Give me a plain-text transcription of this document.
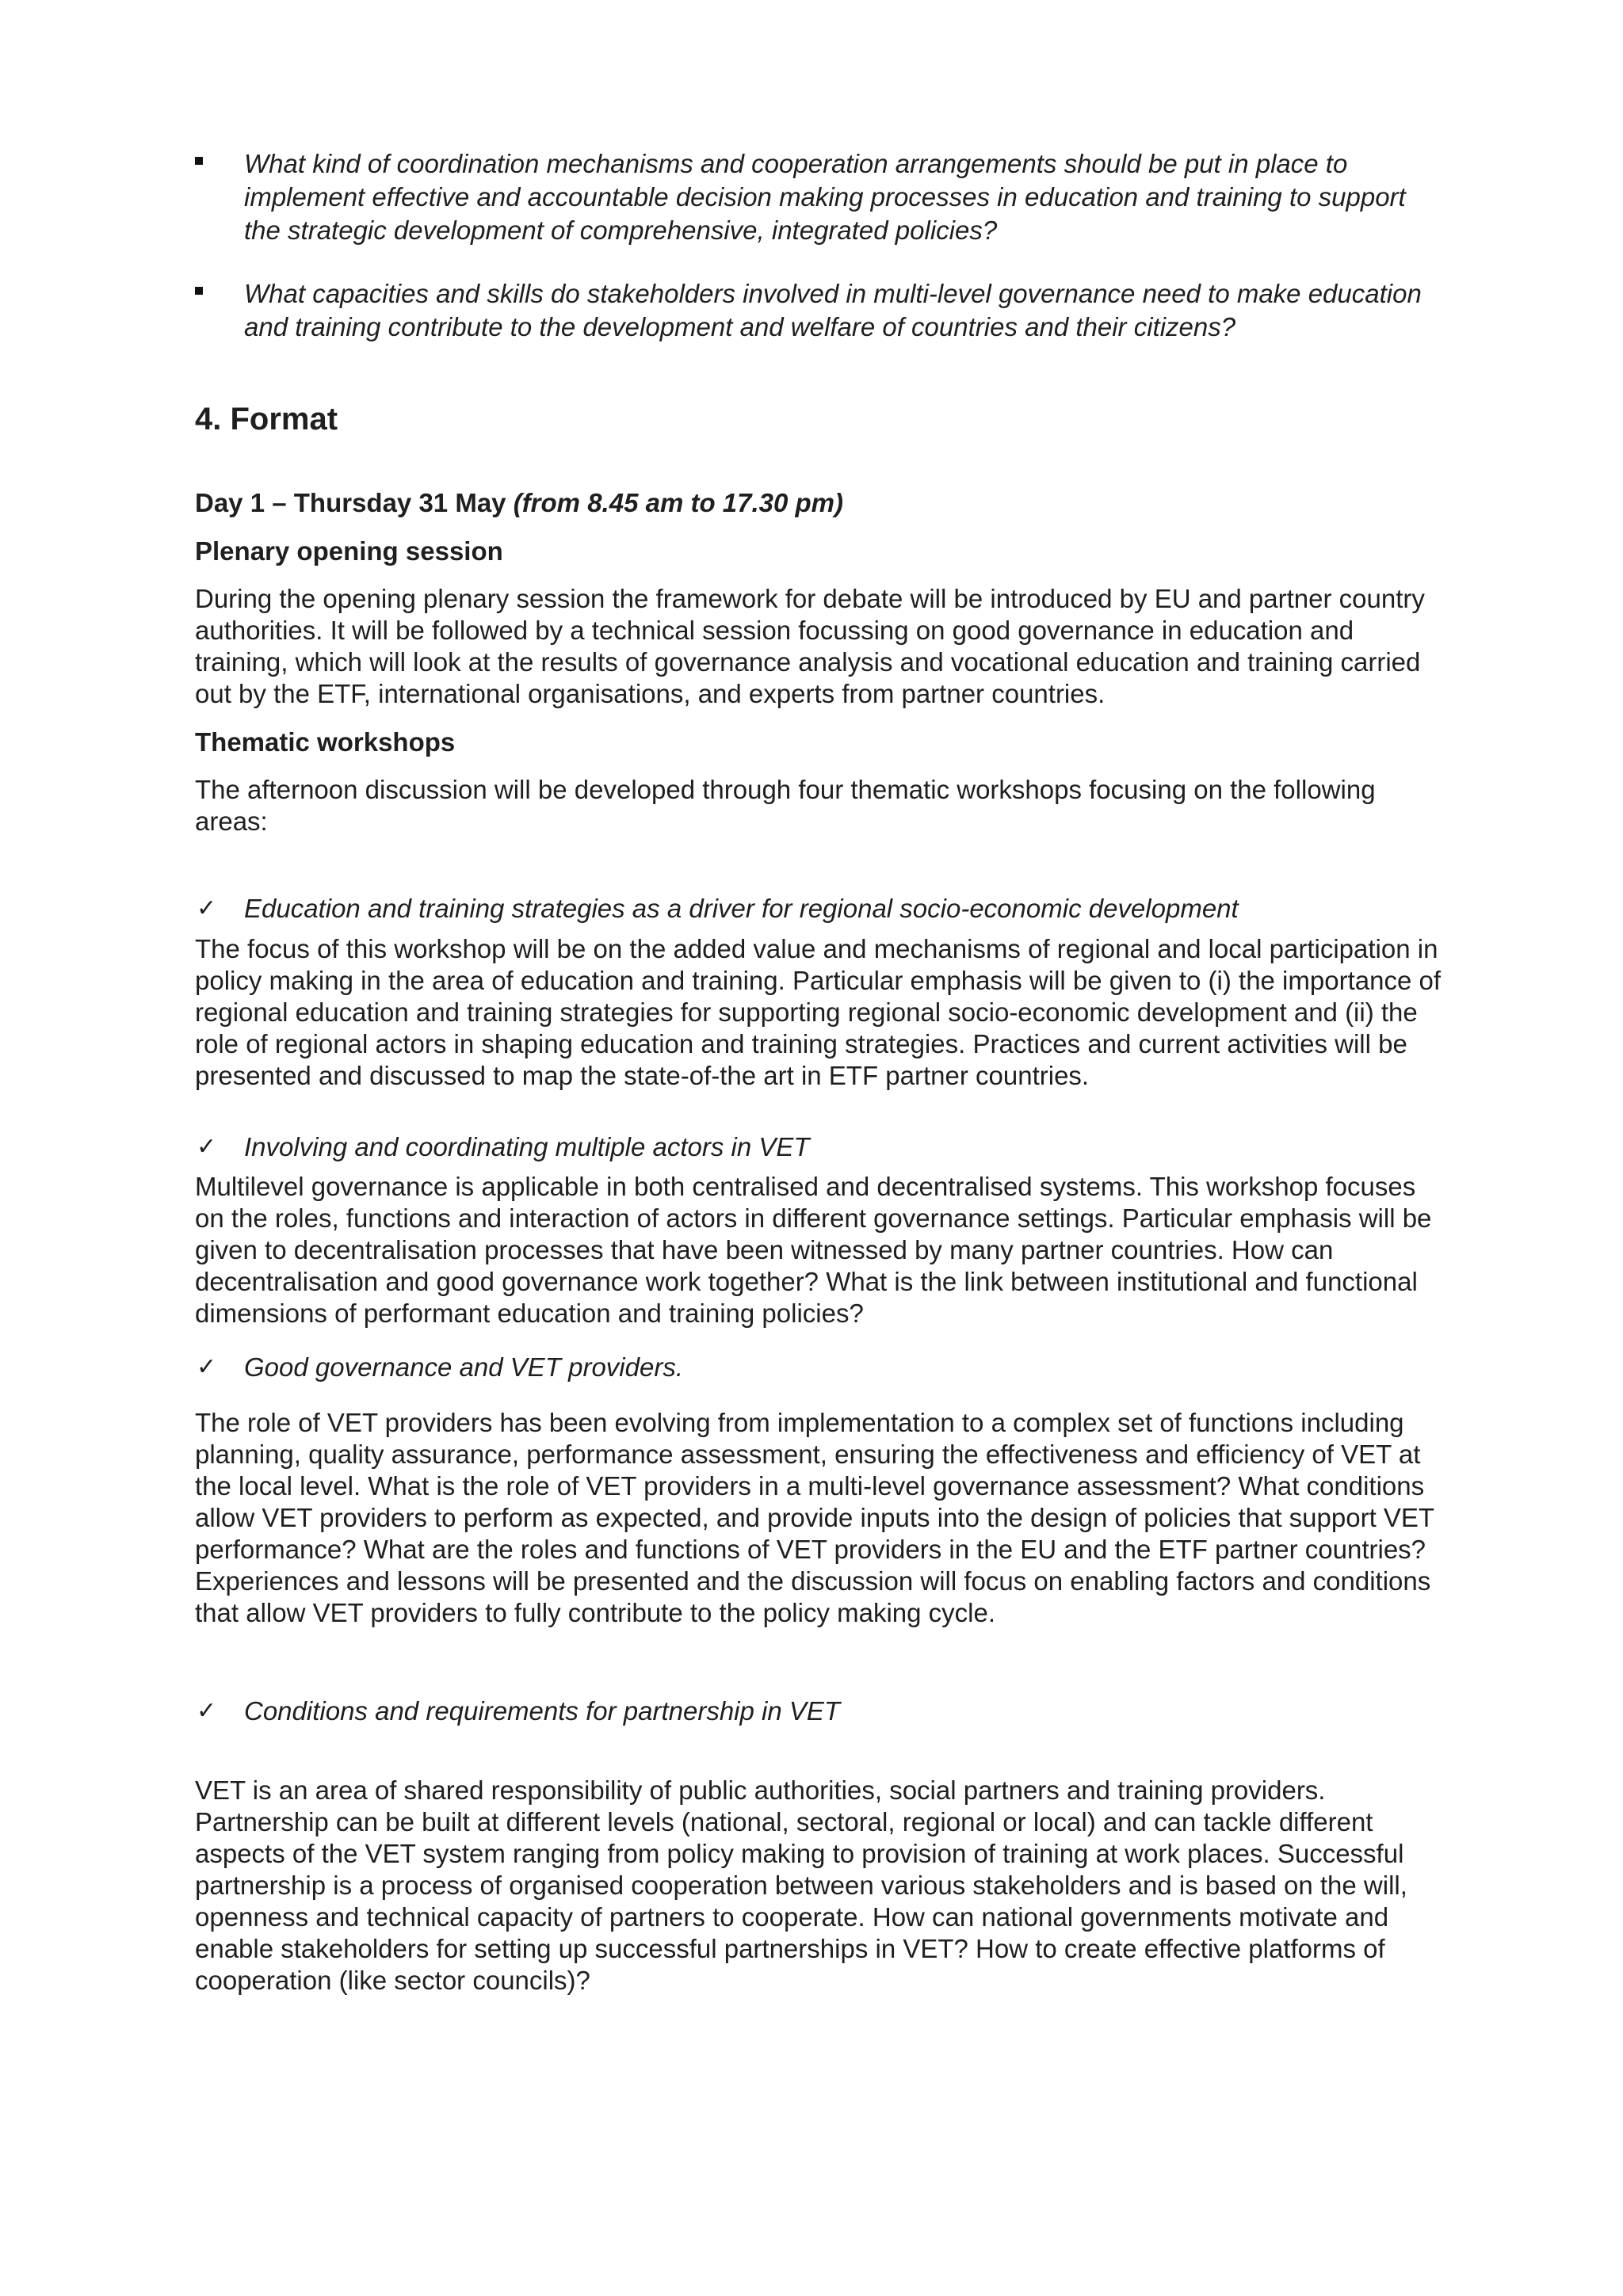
What kind of coordination mechanisms and cooperation arrangements should be put in place to implement effective and accountable decision making processes in education and training to support the strategic development of comprehensive, integrated policies?

What capacities and skills do stakeholders involved in multi-level governance need to make education and training contribute to the development and welfare of countries and their citizens?

4. Format
Day 1 – Thursday 31 May (from 8.45 am to 17.30 pm)
Plenary opening session

During the opening plenary session the framework for debate will be introduced by EU and partner country authorities. It will be followed by a technical session focussing on good governance in education and training, which will look at the results of governance analysis and vocational education and training carried out by the ETF, international organisations, and experts from partner countries.

Thematic workshops

The afternoon discussion will be developed through four thematic workshops focusing on the following areas:

✓ Education and training strategies as a driver for regional socio-economic development

The focus of this workshop will be on the added value and mechanisms of regional and local participation in policy making in the area of education and training. Particular emphasis will be given to (i) the importance of regional education and training strategies for supporting regional socio-economic development and (ii) the role of regional actors in shaping education and training strategies. Practices and current activities will be presented and discussed to map the state-of-the art in ETF partner countries.

✓ Involving and coordinating multiple actors in VET

Multilevel governance is applicable in both centralised and decentralised systems. This workshop focuses on the roles, functions and interaction of actors in different governance settings. Particular emphasis will be given to decentralisation processes that have been witnessed by many partner countries. How can decentralisation and good governance work together? What is the link between institutional and functional dimensions of performant education and training policies?

✓ Good governance and VET providers.

The role of VET providers has been evolving from implementation to a complex set of functions including planning, quality assurance, performance assessment, ensuring the effectiveness and efficiency of VET at the local level. What is the role of VET providers in a multi-level governance assessment? What conditions allow VET providers to perform as expected, and provide inputs into the design of policies that support VET performance? What are the roles and functions of VET providers in the EU and the ETF partner countries? Experiences and lessons will be presented and the discussion will focus on enabling factors and conditions that allow VET providers to fully contribute to the policy making cycle.

✓ Conditions and requirements for partnership in VET

VET is an area of shared responsibility of public authorities, social partners and training providers. Partnership can be built at different levels (national, sectoral, regional or local) and can tackle different aspects of the VET system ranging from policy making to provision of training at work places. Successful partnership is a process of organised cooperation between various stakeholders and is based on the will, openness and technical capacity of partners to cooperate. How can national governments motivate and enable stakeholders for setting up successful partnerships in VET? How to create effective platforms of cooperation (like sector councils)?
